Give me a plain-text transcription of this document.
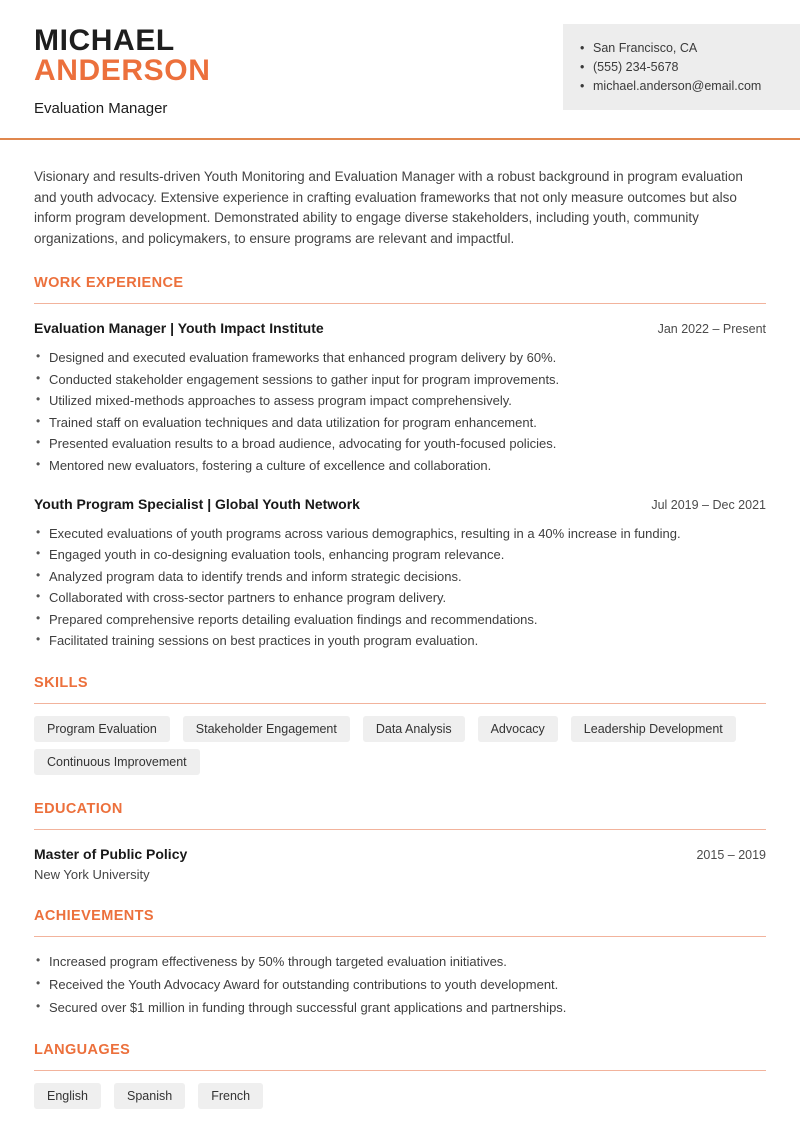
MICHAEL
ANDERSON
Evaluation Manager
• San Francisco, CA
• (555) 234-5678
• michael.anderson@email.com

Visionary and results-driven Youth Monitoring and Evaluation Manager with a robust background in program evaluation and youth advocacy. Extensive experience in crafting evaluation frameworks that not only measure outcomes but also inform program development. Demonstrated ability to engage diverse stakeholders, including youth, community organizations, and policymakers, to ensure programs are relevant and impactful.

WORK EXPERIENCE
Evaluation Manager | Youth Impact Institute	Jan 2022 – Present
• Designed and executed evaluation frameworks that enhanced program delivery by 60%.
• Conducted stakeholder engagement sessions to gather input for program improvements.
• Utilized mixed-methods approaches to assess program impact comprehensively.
• Trained staff on evaluation techniques and data utilization for program enhancement.
• Presented evaluation results to a broad audience, advocating for youth-focused policies.
• Mentored new evaluators, fostering a culture of excellence and collaboration.
Youth Program Specialist | Global Youth Network	Jul 2019 – Dec 2021
• Executed evaluations of youth programs across various demographics, resulting in a 40% increase in funding.
• Engaged youth in co-designing evaluation tools, enhancing program relevance.
• Analyzed program data to identify trends and inform strategic decisions.
• Collaborated with cross-sector partners to enhance program delivery.
• Prepared comprehensive reports detailing evaluation findings and recommendations.
• Facilitated training sessions on best practices in youth program evaluation.
SKILLS
Program Evaluation	Stakeholder Engagement	Data Analysis	Advocacy	Leadership Development
Continuous Improvement
EDUCATION
Master of Public Policy	2015 – 2019
New York University
ACHIEVEMENTS
• Increased program effectiveness by 50% through targeted evaluation initiatives.
• Received the Youth Advocacy Award for outstanding contributions to youth development.
• Secured over $1 million in funding through successful grant applications and partnerships.
LANGUAGES
English	Spanish	French
